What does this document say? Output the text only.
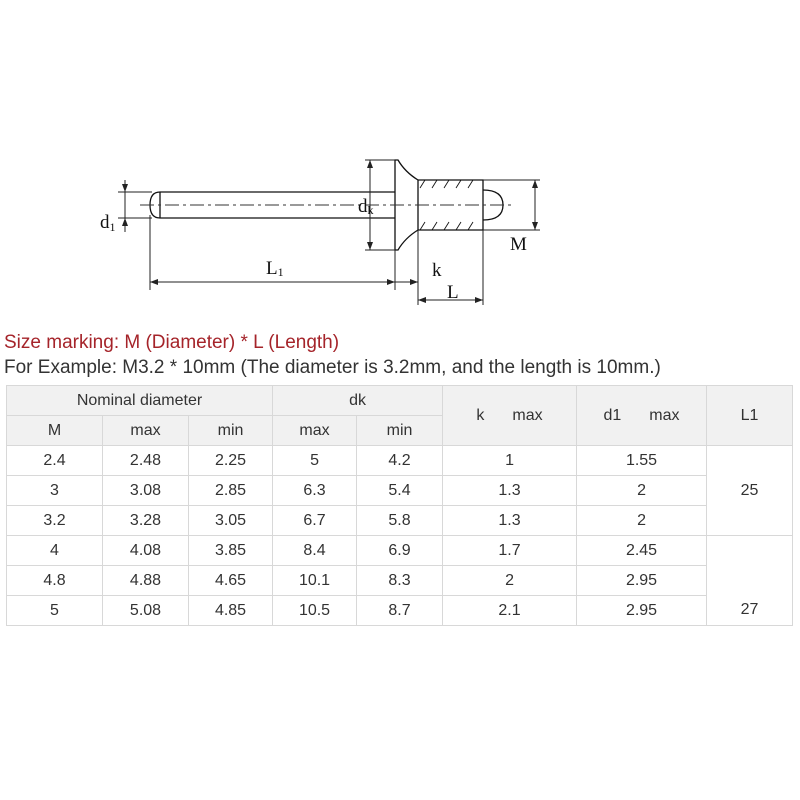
d1
dk
M
L1	k
L
Size marking: M (Diameter) * L (Length)
For Example: M3.2 * 10mm (The diameter is 3.2mm, and the length is 10mm.)
Nominal diameter			dk		k max	d1 max	L1
M	max	min	max	min			
2.4	2.48	2.25	5	4.2	1	1.55	25
3	3.08	2.85	6.3	5.4	1.3	2	
3.2	3.28	3.05	6.7	5.8	1.3	2	
4	4.08	3.85	8.4	6.9	1.7	2.45	27
4.8	4.88	4.65	10.1	8.3	2	2.95	
5	5.08	4.85	10.5	8.7	2.1	2.95	
